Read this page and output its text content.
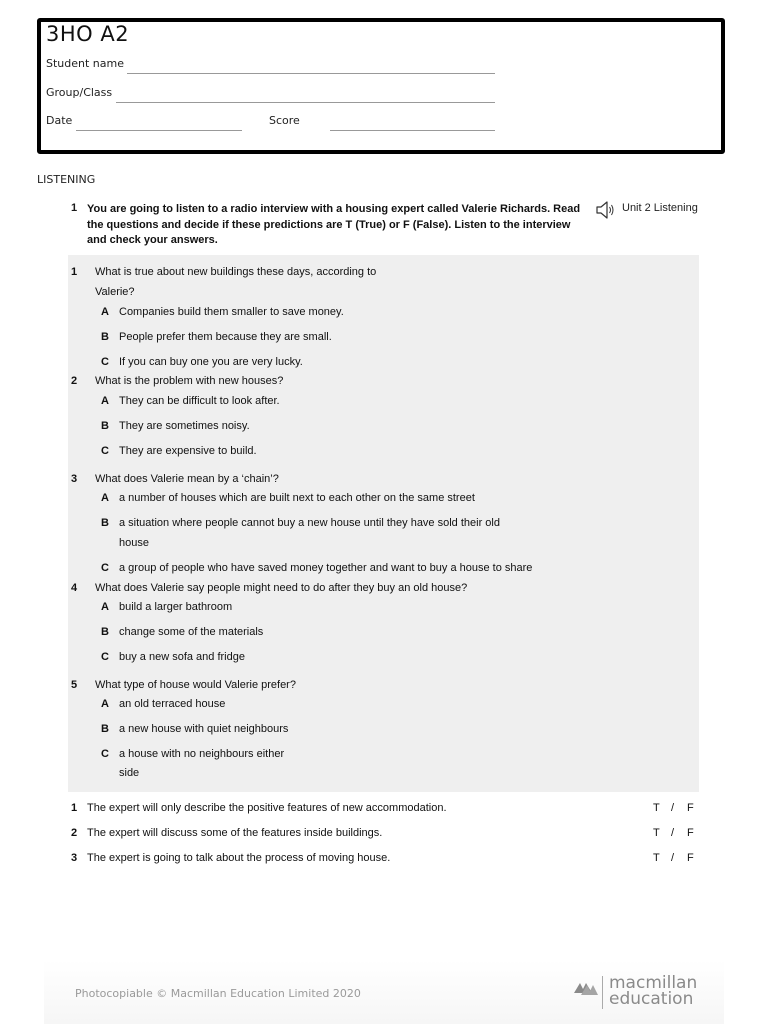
3HO A2
Student name
Group/Class
Date	Score
LISTENING
1 You are going to listen to a radio interview with a housing expert called Valerie Richards. Read the questions and decide if these predictions are T (True) or F (False). Listen to the interview and check your answers.
Unit 2 Listening
1 What is true about new buildings these days, according to
Valerie?
A Companies build them smaller to save money.
B People prefer them because they are small.
C If you can buy one you are very lucky.
2 What is the problem with new houses?
A They can be difficult to look after.
B They are sometimes noisy.
C They are expensive to build.
3 What does Valerie mean by a ‘chain’?
A a number of houses which are built next to each other on the same street
B a situation where people cannot buy a new house until they have sold their old
house
C a group of people who have saved money together and want to buy a house to share
4 What does Valerie say people might need to do after they buy an old house?
A build a larger bathroom
B change some of the materials
C buy a new sofa and fridge
5 What type of house would Valerie prefer?
A an old terraced house
B a new house with quiet neighbours
C a house with no neighbours either
side
1 The expert will only describe the positive features of new accommodation.	T / F
2 The expert will discuss some of the features inside buildings.	T / F
3 The expert is going to talk about the process of moving house.	T / F
Photocopiable © Macmillan Education Limited 2020
macmillan
education
